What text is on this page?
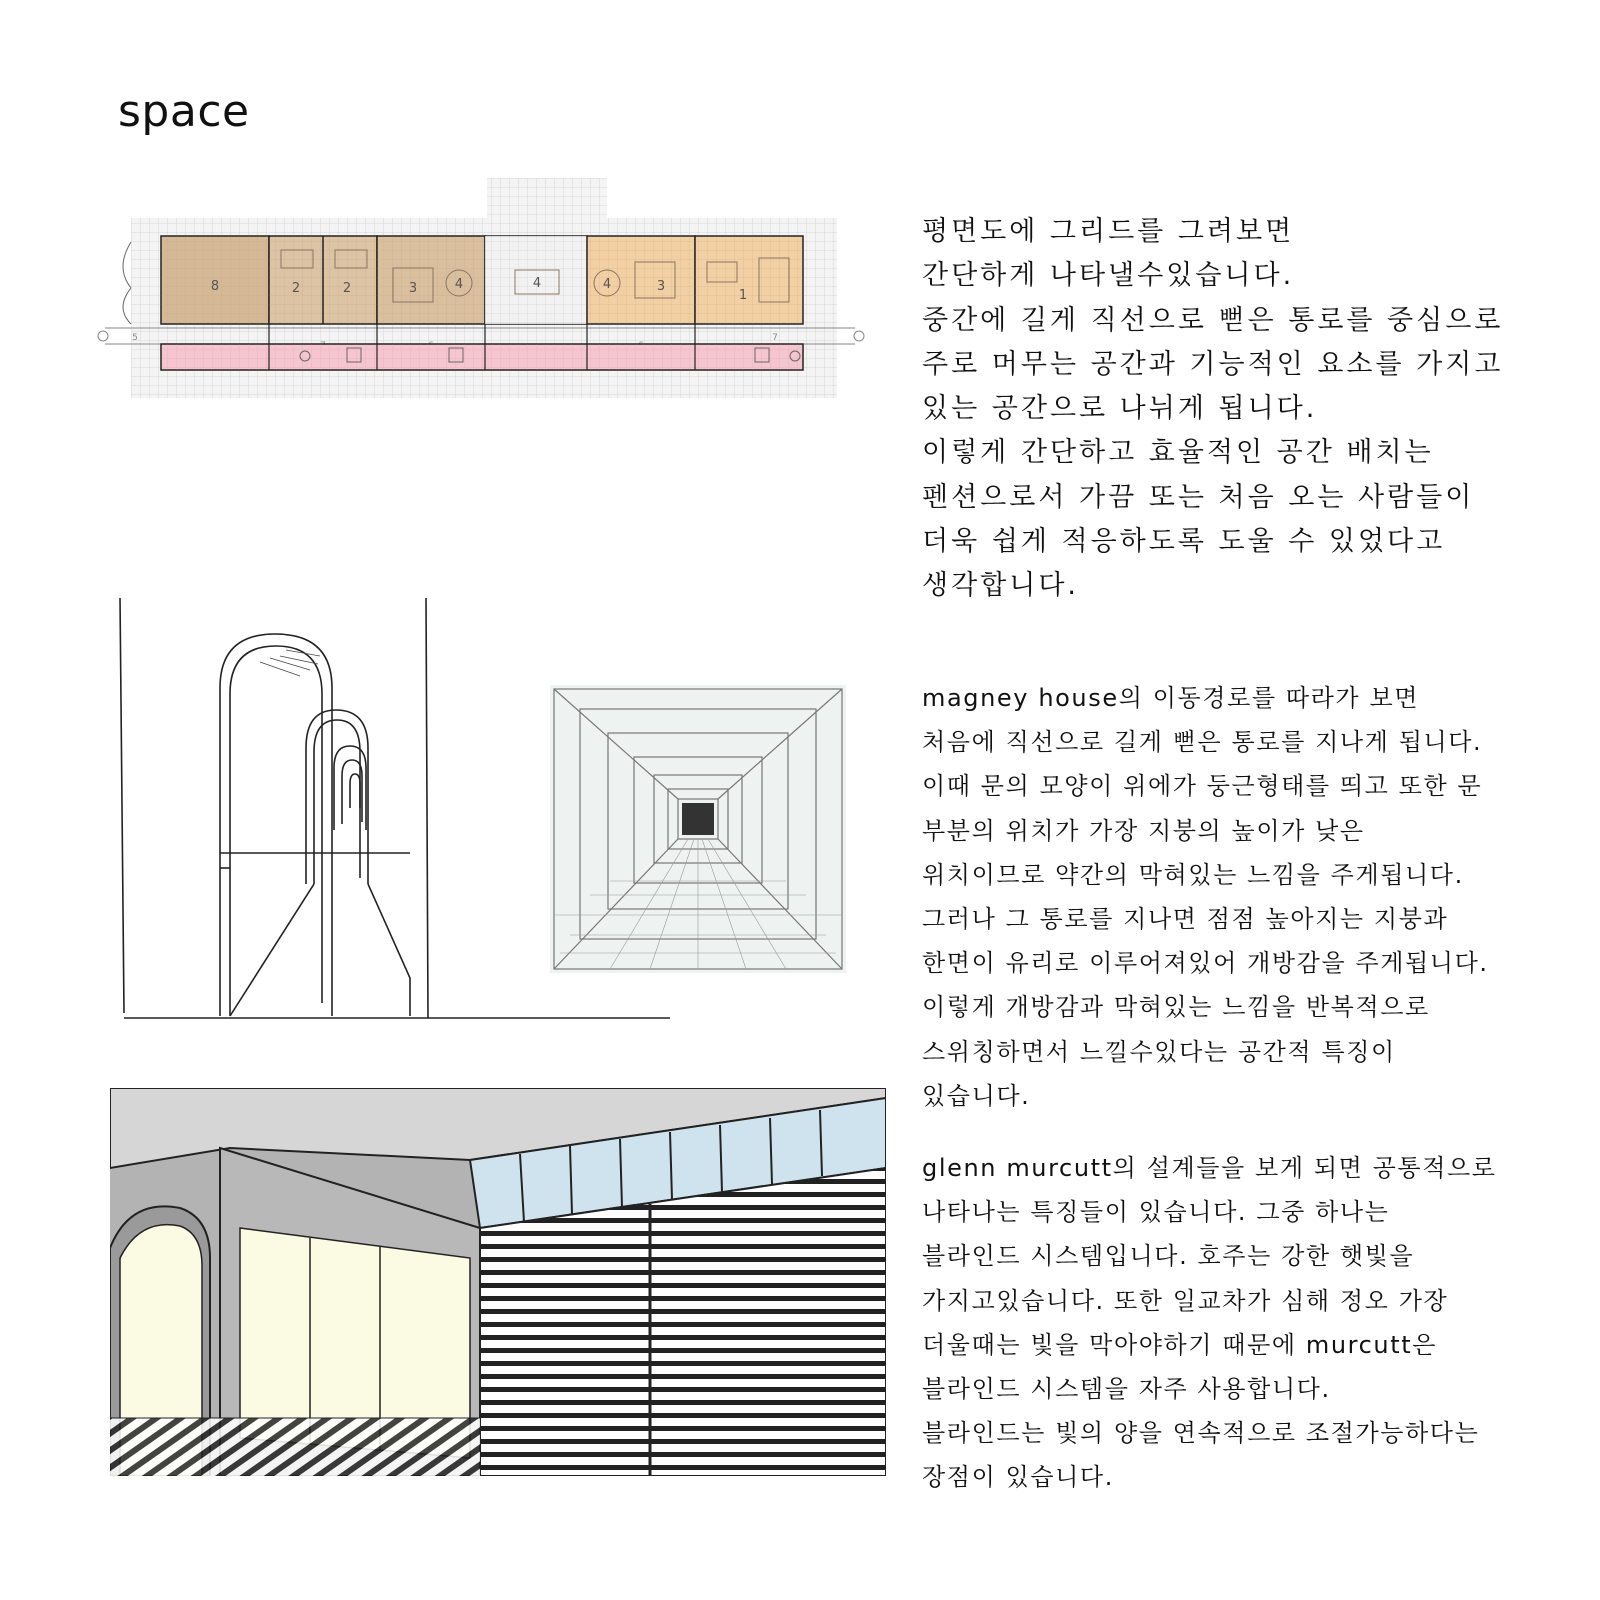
space
8	2	2	3	4	4	4	3
1
5	7

평면도에 그리드를 그려보면

간단하게 나타낼수있습니다.

중간에 길게 직선으로 뻗은 통로를 중심으로

주로 머무는 공간과 기능적인 요소를 가지고

있는 공간으로 나뉘게 됩니다.

이렇게 간단하고 효율적인 공간 배치는

펜션으로서 가끔 또는 처음 오는 사람들이

더욱 쉽게 적응하도록 도울 수 있었다고

생각합니다.

magney house의 이동경로를 따라가 보면

처음에 직선으로 길게 뻗은 통로를 지나게 됩니다.

이때 문의 모양이 위에가 둥근형태를 띄고 또한 문

부분의 위치가 가장 지붕의 높이가 낮은

위치이므로 약간의 막혀있는 느낌을 주게됩니다.

그러나 그 통로를 지나면 점점 높아지는 지붕과

한면이 유리로 이루어져있어 개방감을 주게됩니다.

이렇게 개방감과 막혀있는 느낌을 반복적으로

스위칭하면서 느낄수있다는 공간적 특징이

있습니다.

glenn murcutt의 설계들을 보게 되면 공통적으로

나타나는 특징들이 있습니다. 그중 하나는

블라인드 시스템입니다. 호주는 강한 햇빛을

가지고있습니다. 또한 일교차가 심해 정오 가장

더울때는 빛을 막아야하기 때문에 murcutt은

블라인드 시스템을 자주 사용합니다.

블라인드는 빛의 양을 연속적으로 조절가능하다는

장점이 있습니다.
